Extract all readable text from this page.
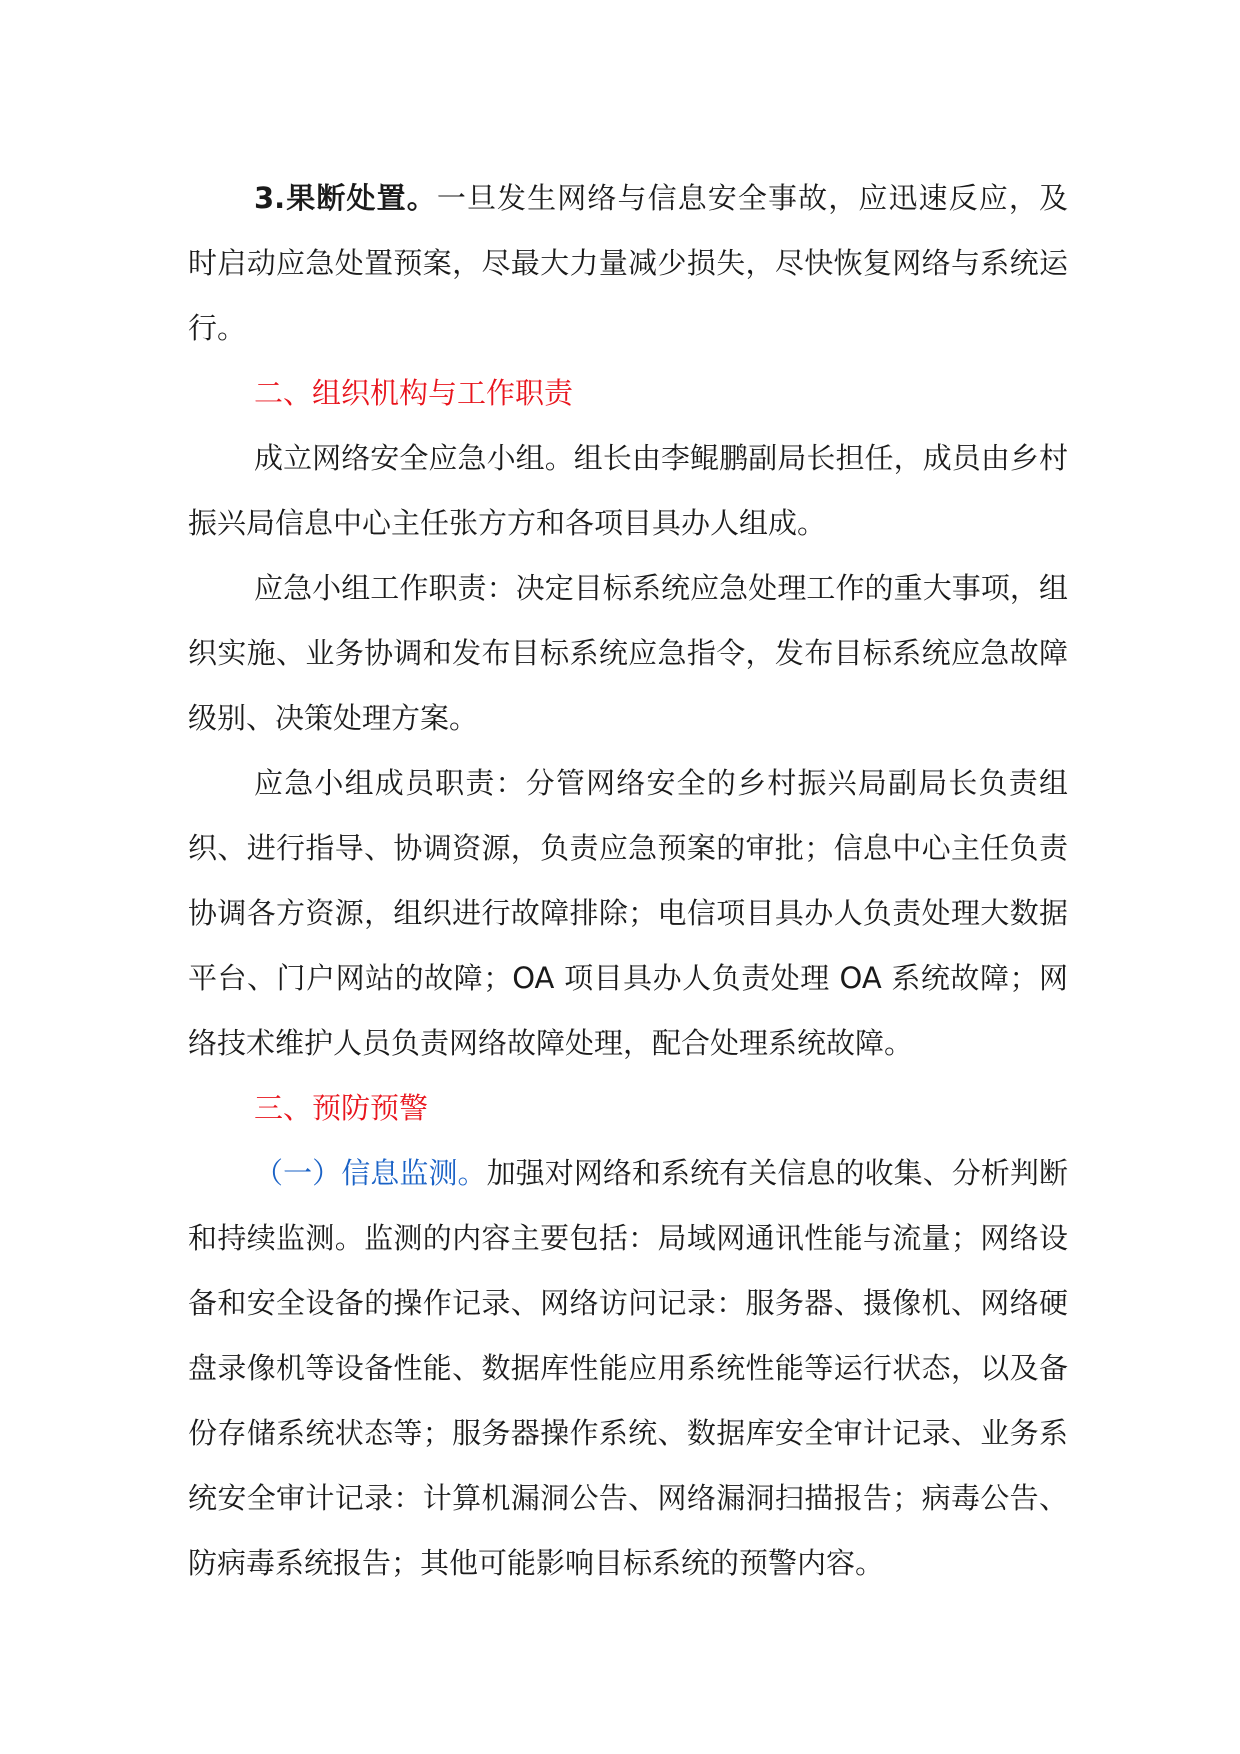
3.果断处置。一旦发生网络与信息安全事故，应迅速反应，及时启动应急处置预案，尽最大力量减少损失，尽快恢复网络与系统运行。

二、组织机构与工作职责

成立网络安全应急小组。组长由李鲲鹏副局长担任，成员由乡村振兴局信息中心主任张方方和各项目具办人组成。

应急小组工作职责：决定目标系统应急处理工作的重大事项，组织实施、业务协调和发布目标系统应急指令，发布目标系统应急故障级别、决策处理方案。

应急小组成员职责：分管网络安全的乡村振兴局副局长负责组织、进行指导、协调资源，负责应急预案的审批；信息中心主任负责协调各方资源，组织进行故障排除；电信项目具办人负责处理大数据平台、门户网站的故障；OA 项目具办人负责处理 OA 系统故障；网络技术维护人员负责网络故障处理，配合处理系统故障。

三、预防预警

（一）信息监测。加强对网络和系统有关信息的收集、分析判断和持续监测。监测的内容主要包括：局域网通讯性能与流量；网络设备和安全设备的操作记录、网络访问记录：服务器、摄像机、网络硬盘录像机等设备性能、数据库性能应用系统性能等运行状态，以及备份存储系统状态等；服务器操作系统、数据库安全审计记录、业务系统安全审计记录：计算机漏洞公告、网络漏洞扫描报告；病毒公告、防病毒系统报告；其他可能影响目标系统的预警内容。
